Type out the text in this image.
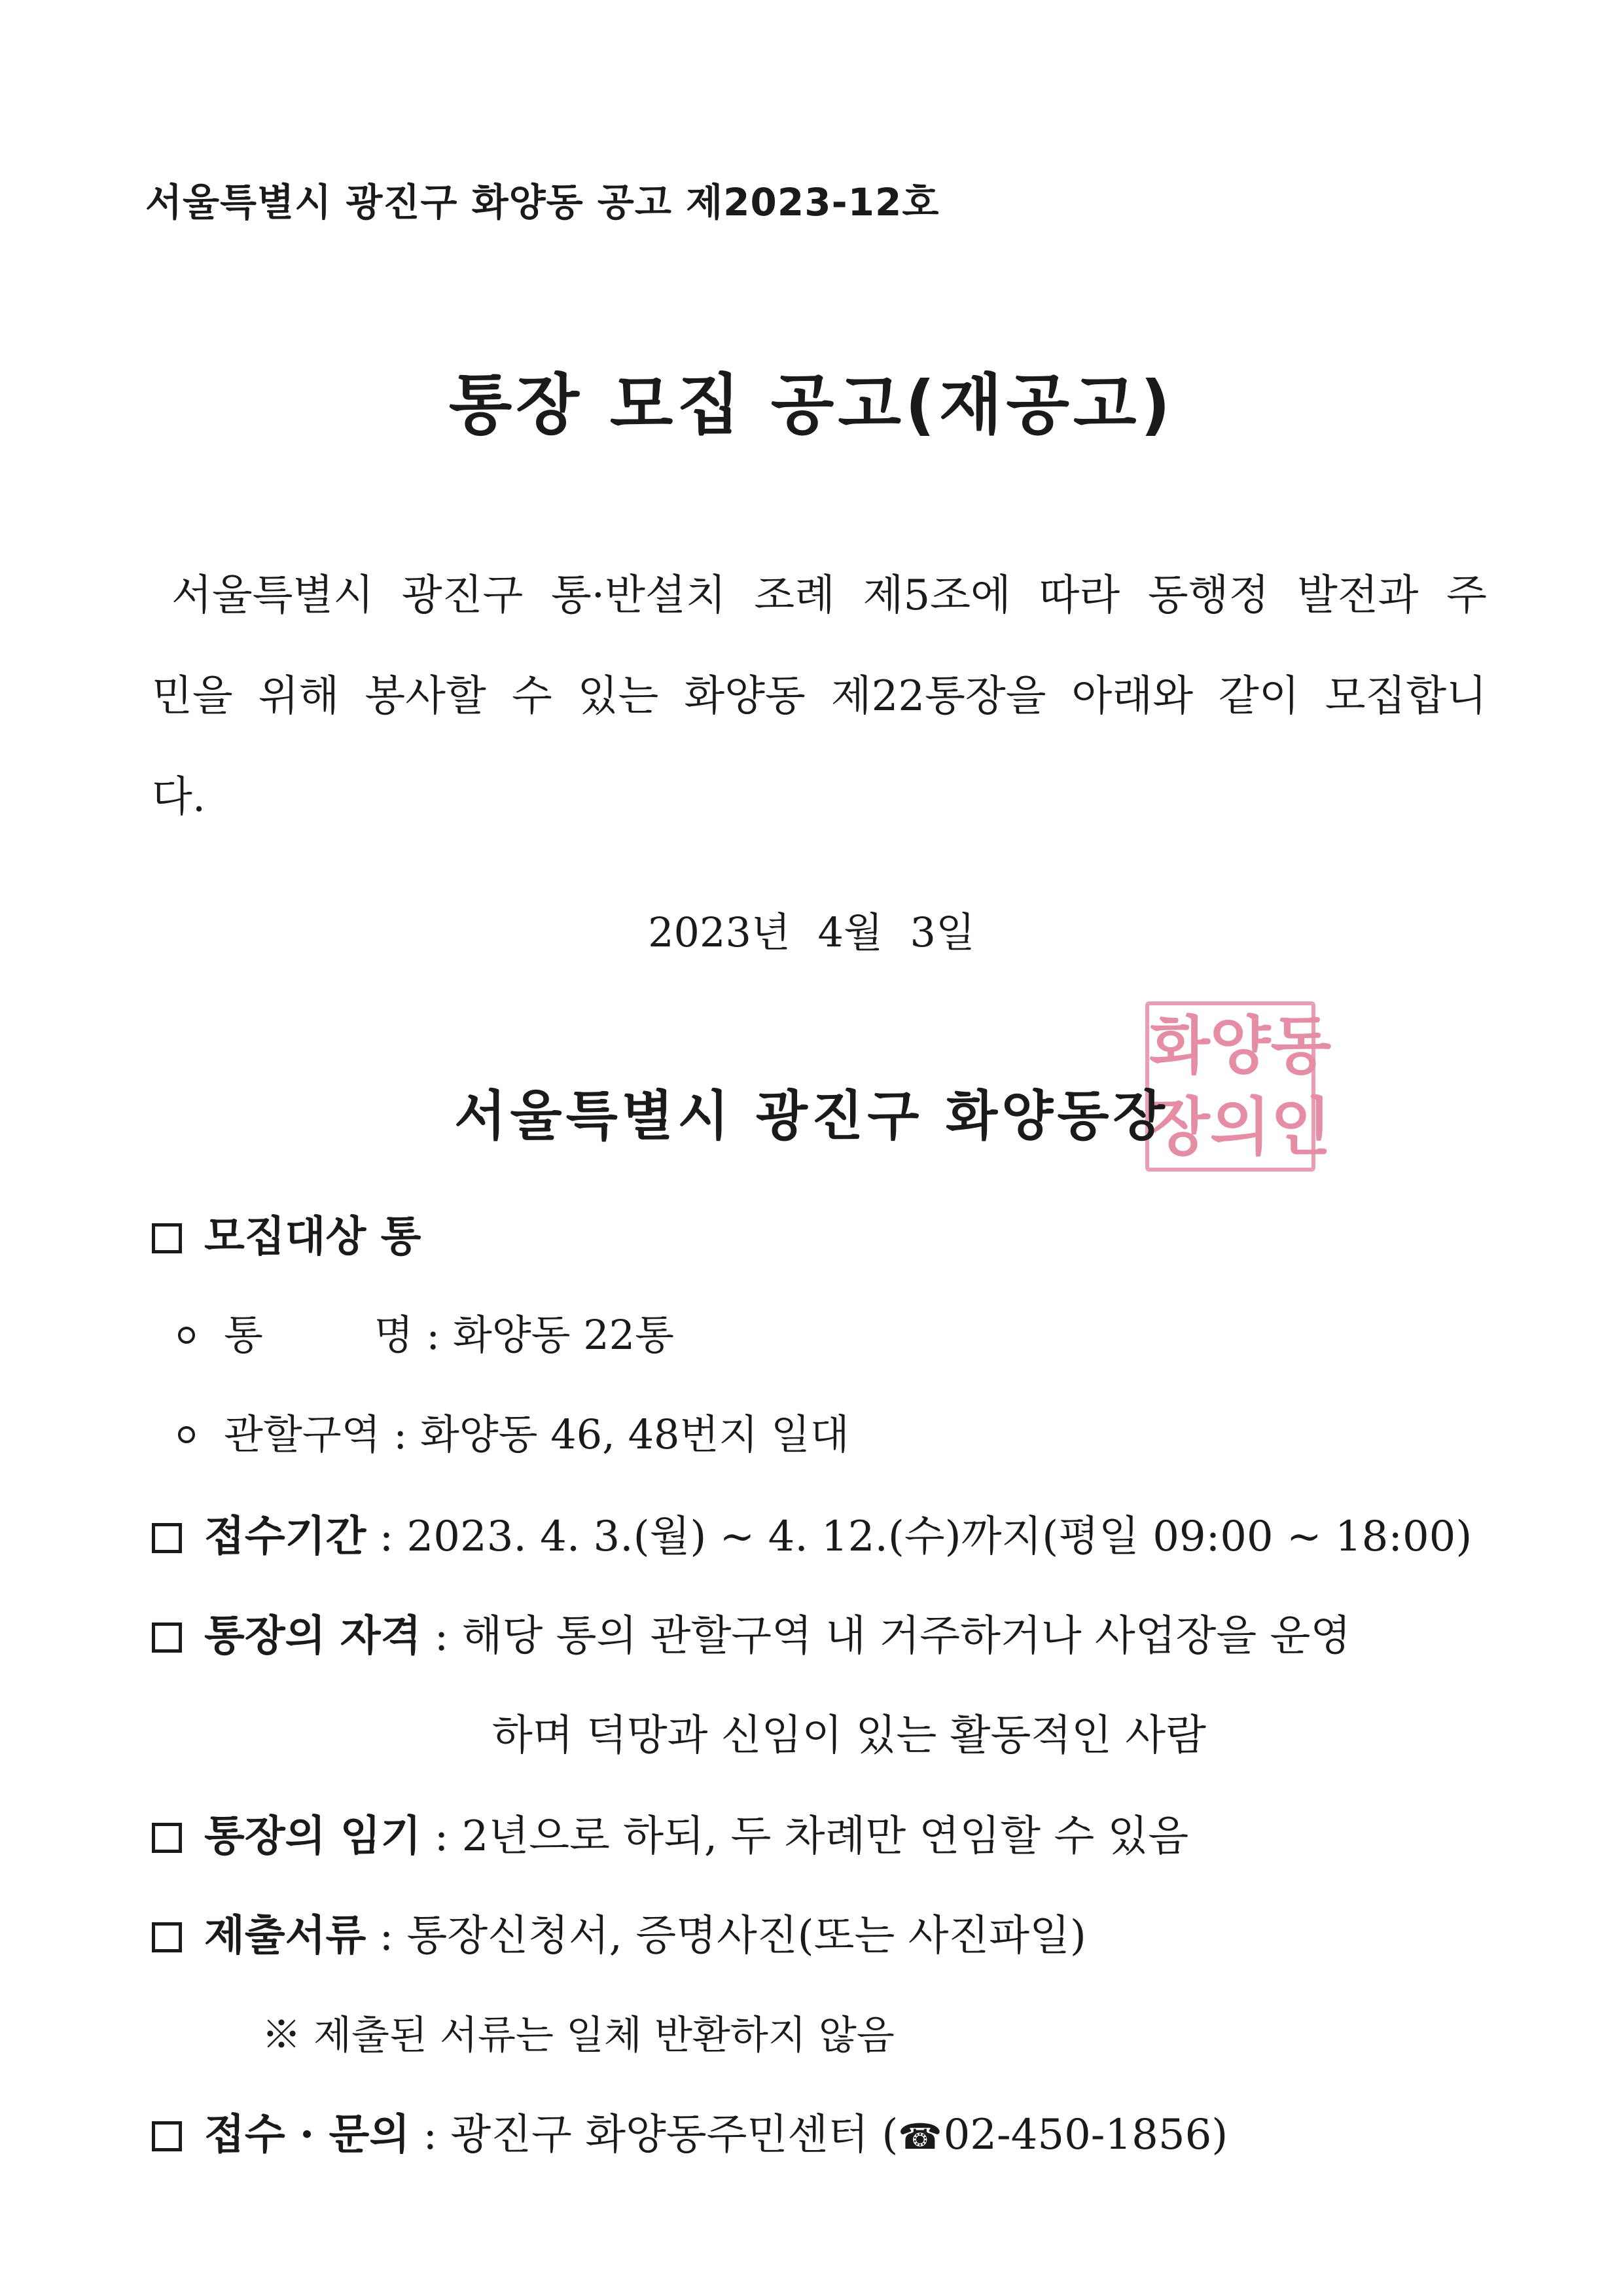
서울특별시 광진구 화양동 공고 제2023-12호
통장 모집 공고(재공고)
서울특별시 광진구 통·반설치 조례 제5조에 따라 동행정 발전과 주
민을 위해 봉사할 수 있는 화양동 제22통장을 아래와 같이 모집합니
다.
2023년 4월 3일
화 양 동
장 의 인
서울특별시 광진구 화양동장
모집대상 통
통 명 : 화양동 22통
관할구역 : 화양동 46, 48번지 일대
접수기간 : 2023. 4. 3.(월) ~ 4. 12.(수)까지(평일 09:00 ~ 18:00)
통장의 자격 : 해당 통의 관할구역 내 거주하거나 사업장을 운영
하며 덕망과 신임이 있는 활동적인 사람
통장의 임기 : 2년으로 하되, 두 차례만 연임할 수 있음
제출서류 : 통장신청서, 증명사진(또는 사진파일)
※ 제출된 서류는 일체 반환하지 않음
접수 · 문의 : 광진구 화양동주민센터 (☎02-450-1856)
